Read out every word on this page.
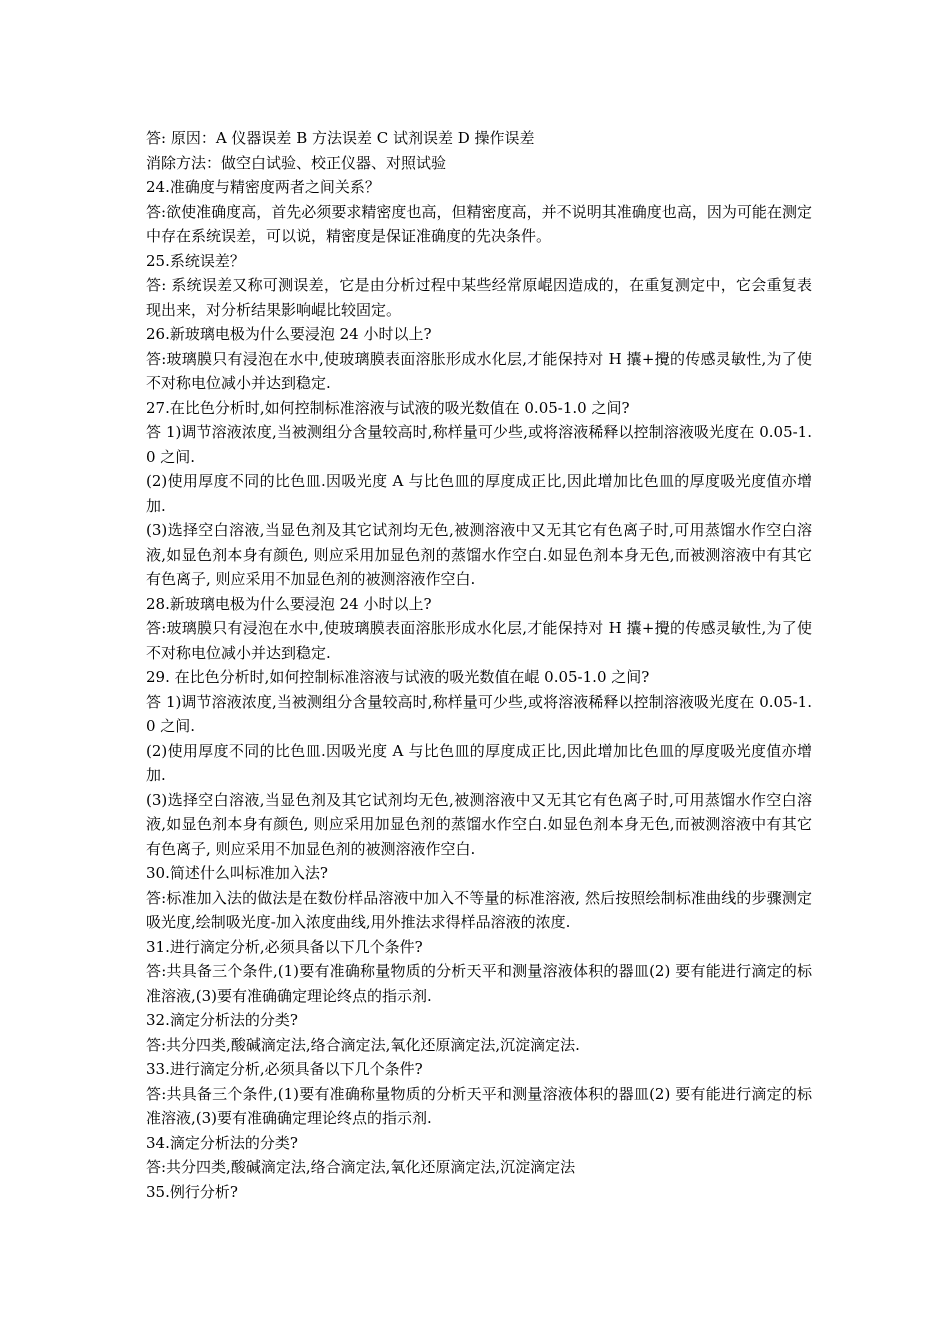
答: 原因：A 仪器误差 B 方法误差 C 试剂误差 D 操作误差

消除方法：做空白试验、校正仪器、对照试验

24.准确度与精密度两者之间关系？

答:欲使准确度高，首先必须要求精密度也高，但精密度高，并不说明其准确度也高，因为可能在测定中存在系统误差，可以说，精密度是保证准确度的先决条件。

25.系统误差？

答: 系统误差又称可测误差，它是由分析过程中某些经常原崐因造成的，在重复测定中，它会重复表现出来，对分析结果影响崐比较固定。

26.新玻璃电极为什么要浸泡 24 小时以上?

答:玻璃膜只有浸泡在水中,使玻璃膜表面溶胀形成水化层,才能保持对 H 攮+攪的传感灵敏性,为了使不对称电位减小并达到稳定.

27.在比色分析时,如何控制标准溶液与试液的吸光数值在 0.05-1.0 之间?

答 1)调节溶液浓度,当被测组分含量较高时,称样量可少些,或将溶液稀释以控制溶液吸光度在 0.05-1.0 之间.

(2)使用厚度不同的比色皿.因吸光度 A 与比色皿的厚度成正比,因此增加比色皿的厚度吸光度值亦增加.

(3)选择空白溶液,当显色剂及其它试剂均无色,被测溶液中又无其它有色离子时,可用蒸馏水作空白溶液,如显色剂本身有颜色, 则应采用加显色剂的蒸馏水作空白.如显色剂本身无色,而被测溶液中有其它有色离子, 则应采用不加显色剂的被测溶液作空白.

28.新玻璃电极为什么要浸泡 24 小时以上?

答:玻璃膜只有浸泡在水中,使玻璃膜表面溶胀形成水化层,才能保持对 H 攮+攪的传感灵敏性,为了使不对称电位减小并达到稳定.

29. 在比色分析时,如何控制标准溶液与试液的吸光数值在崐 0.05-1.0 之间?

答 1)调节溶液浓度,当被测组分含量较高时,称样量可少些,或将溶液稀释以控制溶液吸光度在 0.05-1.0 之间.

(2)使用厚度不同的比色皿.因吸光度 A 与比色皿的厚度成正比,因此增加比色皿的厚度吸光度值亦增加.

(3)选择空白溶液,当显色剂及其它试剂均无色,被测溶液中又无其它有色离子时,可用蒸馏水作空白溶液,如显色剂本身有颜色, 则应采用加显色剂的蒸馏水作空白.如显色剂本身无色,而被测溶液中有其它有色离子, 则应采用不加显色剂的被测溶液作空白.

30.简述什么叫标准加入法?

答:标准加入法的做法是在数份样品溶液中加入不等量的标准溶液, 然后按照绘制标准曲线的步骤测定吸光度,绘制吸光度-加入浓度曲线,用外推法求得样品溶液的浓度.

31.进行滴定分析,必须具备以下几个条件?

答:共具备三个条件,(1)要有准确称量物质的分析天平和测量溶液体积的器皿(2) 要有能进行滴定的标准溶液,(3)要有准确确定理论终点的指示剂.

32.滴定分析法的分类?

答:共分四类,酸碱滴定法,络合滴定法,氧化还原滴定法,沉淀滴定法.

33.进行滴定分析,必须具备以下几个条件?

答:共具备三个条件,(1)要有准确称量物质的分析天平和测量溶液体积的器皿(2) 要有能进行滴定的标准溶液,(3)要有准确确定理论终点的指示剂.

34.滴定分析法的分类?

答:共分四类,酸碱滴定法,络合滴定法,氧化还原滴定法,沉淀滴定法

35.例行分析?
